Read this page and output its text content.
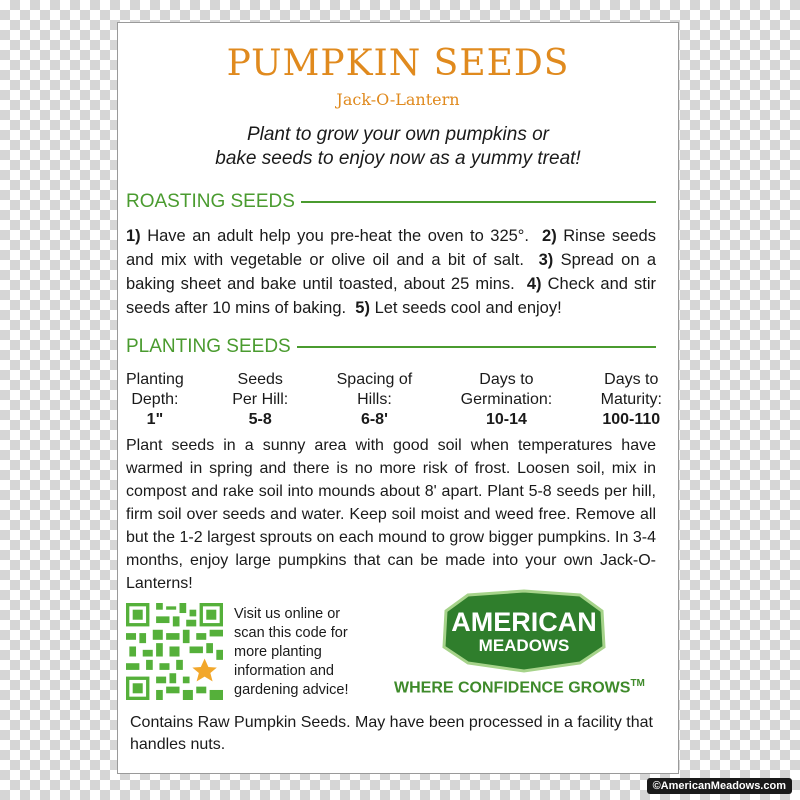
PUMPKIN SEEDS
Jack-O-Lantern
Plant to grow your own pumpkins or
bake seeds to enjoy now as a yummy treat!
ROASTING SEEDS

1) Have an adult help you pre-heat the oven to 325°. 2) Rinse seeds and mix with vegetable or olive oil and a bit of salt. 3) Spread on a baking sheet and bake until toasted, about 25 mins. 4) Check and stir seeds after 10 mins of baking. 5) Let seeds cool and enjoy!

PLANTING SEEDS
Planting
Depth:
1"
Seeds
Per Hill:
5-8
Spacing of
Hills:
6-8'
Days to
Germination:
10-14
Days to
Maturity:
100-110

Plant seeds in a sunny area with good soil when temperatures have warmed in spring and there is no more risk of frost. Loosen soil, mix in compost and rake soil into mounds about 8' apart. Plant 5-8 seeds per hill, firm soil over seeds and water. Keep soil moist and weed free. Remove all but the 1-2 largest sprouts on each mound to grow bigger pumpkins. In 3-4 months, enjoy large pumpkins that can be made into your own Jack-O-Lanterns!

Visit us online or
scan this code for
more planting
information and
gardening advice!
AMERICAN
MEADOWS
WHERE CONFIDENCE GROWS™

Contains Raw Pumpkin Seeds. May have been processed in a facility that handles nuts.

©AmericanMeadows.com
